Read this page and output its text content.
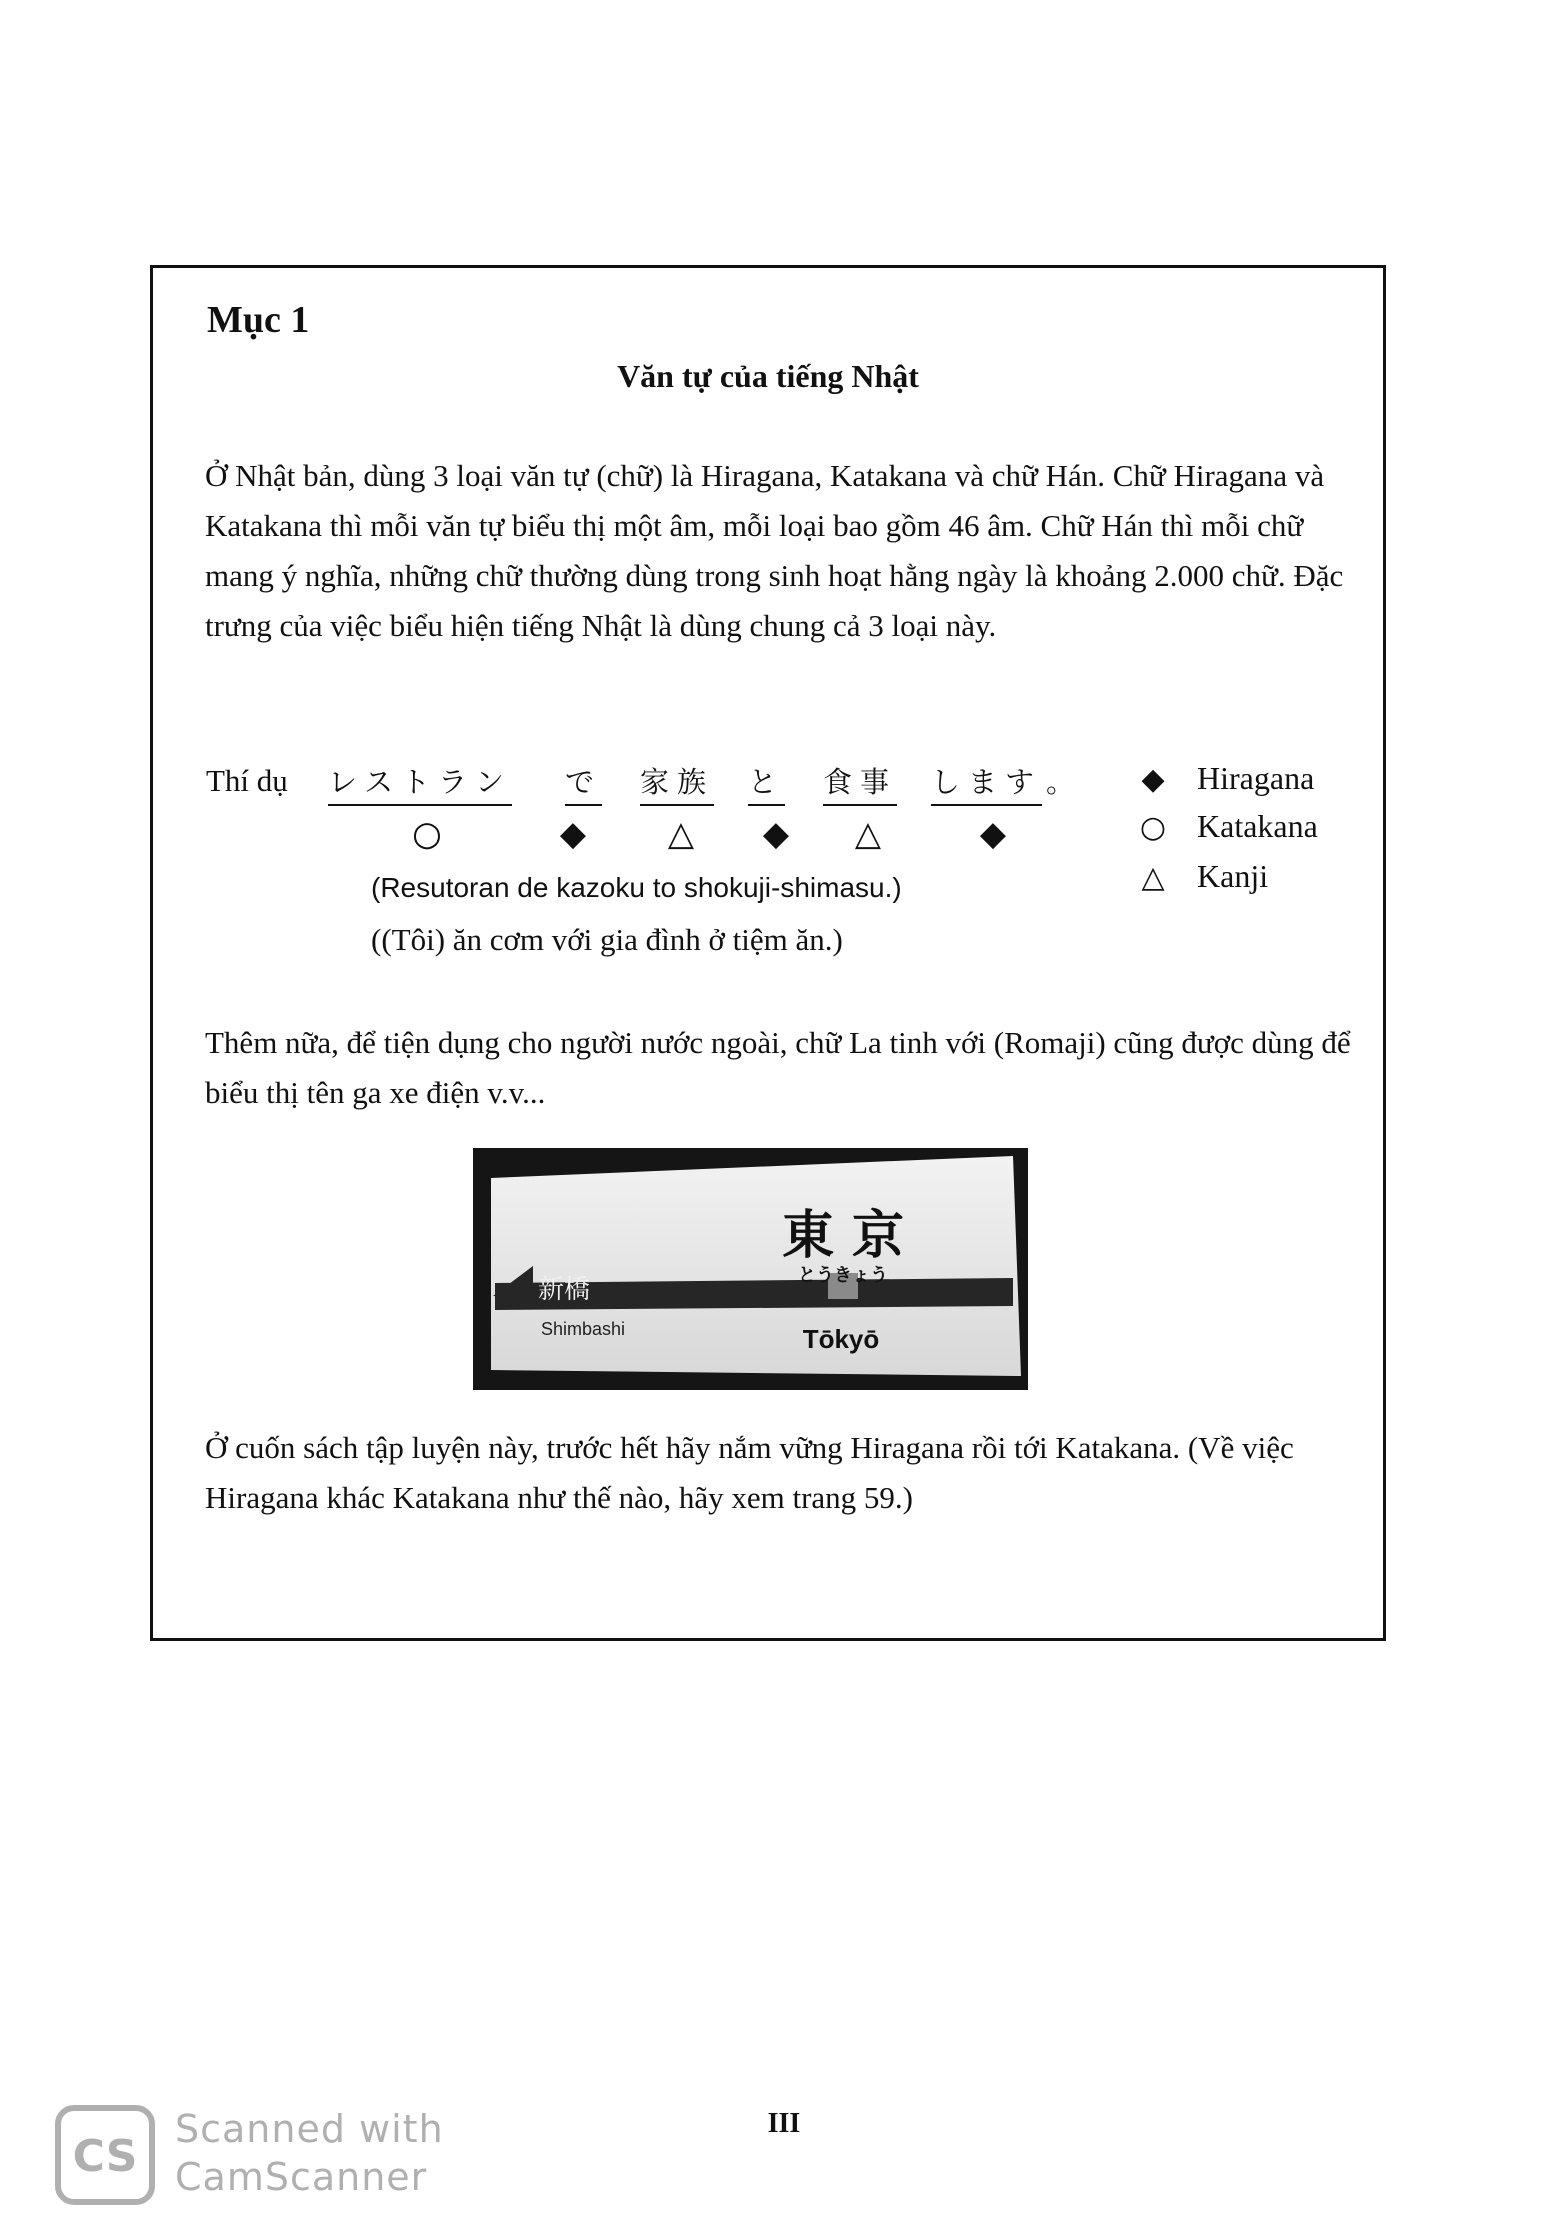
Mục 1
Văn tự của tiếng Nhật
Ở Nhật bản, dùng 3 loại văn tự (chữ) là Hiragana, Katakana và chữ Hán. Chữ Hiragana và Katakana thì mỗi văn tự biểu thị một âm, mỗi loại bao gồm 46 âm. Chữ Hán thì mỗi chữ mang ý nghĩa, những chữ thường dùng trong sinh hoạt hằng ngày là khoảng 2.000 chữ. Đặc trưng của việc biểu hiện tiếng Nhật là dùng chung cả 3 loại này.
Thí dụ レストラン で 家族 と 食事 します 。
○	◆ △ ◆ △	◆
(Resutoran de kazoku to shokuji-shimasu.)
((Tôi) ăn cơm với gia đình ở tiệm ăn.)
◆ Hiragana
○ Katakana
△ Kanji
Thêm nữa, để tiện dụng cho người nước ngoài, chữ La tinh với (Romaji) cũng được dùng để biểu thị tên ga xe điện v.v...
東 京
とうきょう
新橋
Shimbashi	Tōkyō
Ở cuốn sách tập luyện này, trước hết hãy nắm vững Hiragana rồi tới Katakana. (Về việc Hiragana khác Katakana như thế nào, hãy xem trang 59.)
III
CS
Scanned with
CamScanner
